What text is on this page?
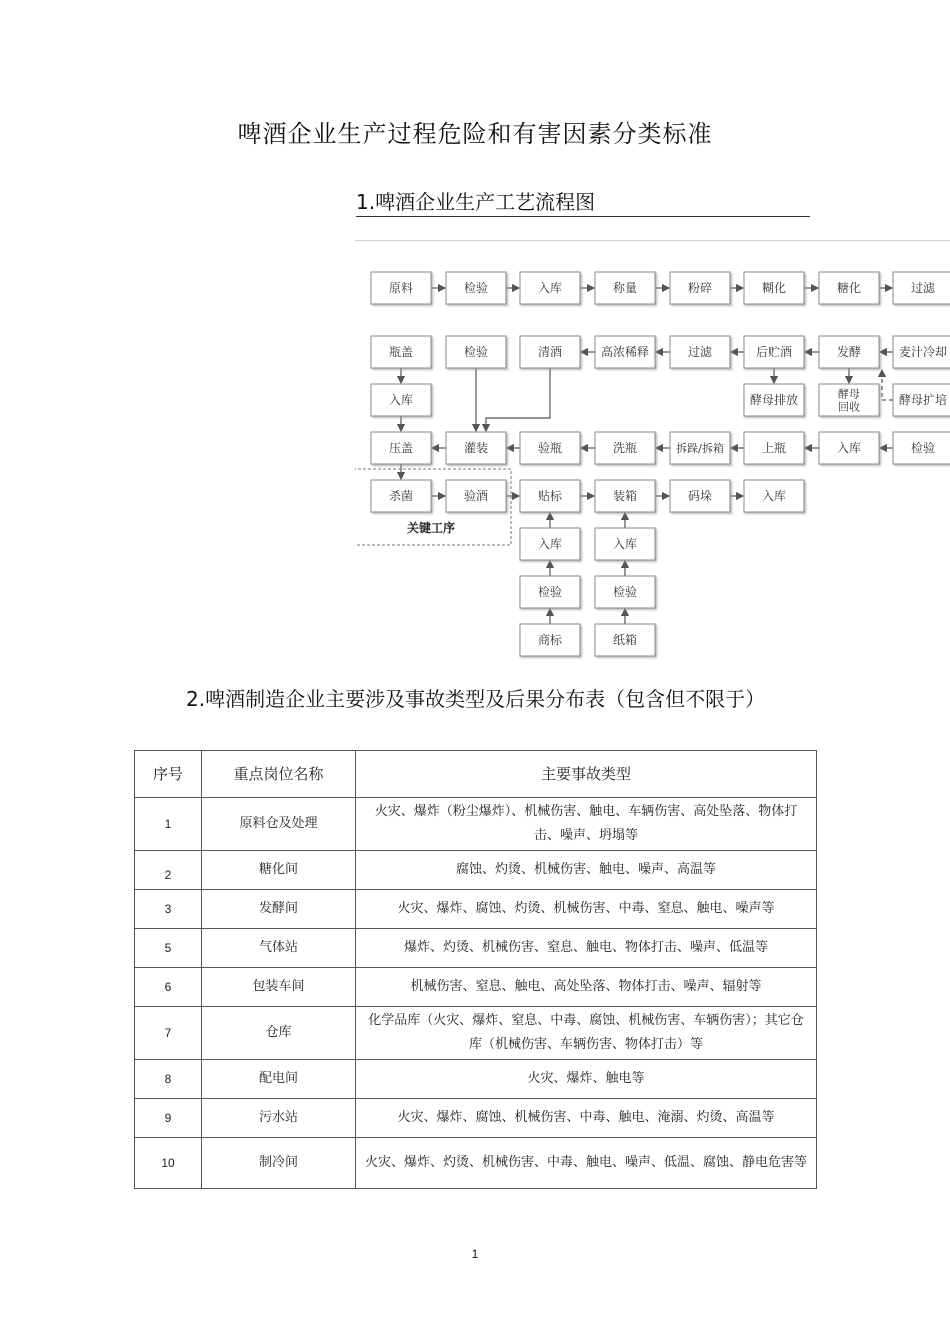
啤酒企业生产过程危险和有害因素分类标准
1.啤酒企业生产工艺流程图
关键工序
原料	检验	入库	称量	粉碎	糊化	糖化	过滤
瓶盖	检验	清酒	高浓稀释	过滤	后贮酒	发酵	麦汁冷却
入库	酵母排放	酵母
回收	酵母扩培
压盖	灌装	验瓶	洗瓶	拆跺/拆箱	上瓶	入库	检验
杀菌	验酒	贴标	装箱	码垛	入库
入库	入库
检验	检验
商标	纸箱
2.啤酒制造企业主要涉及事故类型及后果分布表（包含但不限于）
序号	重点岗位名称	主要事故类型
1	原料仓及处理	火灾、爆炸（粉尘爆炸）、机械伤害、触电、车辆伤害、高处坠落、物体打击、噪声、坍塌等
2	糖化间	腐蚀、灼烫、机械伤害、触电、噪声、高温等
3	发酵间	火灾、爆炸、腐蚀、灼烫、机械伤害、中毒、窒息、触电、噪声等
5	气体站	爆炸、灼烫、机械伤害、窒息、触电、物体打击、噪声、低温等
6	包装车间	机械伤害、窒息、触电、高处坠落、物体打击、噪声、辐射等
7	仓库	化学品库（火灾、爆炸、窒息、中毒、腐蚀、机械伤害、车辆伤害）；其它仓库（机械伤害、车辆伤害、物体打击）等
8	配电间	火灾、爆炸、触电等
9	污水站	火灾、爆炸、腐蚀、机械伤害、中毒、触电、淹溺、灼烫、高温等
10	制冷间	火灾、爆炸、灼烫、机械伤害、中毒、触电、噪声、低温、腐蚀、静电危害等
1
